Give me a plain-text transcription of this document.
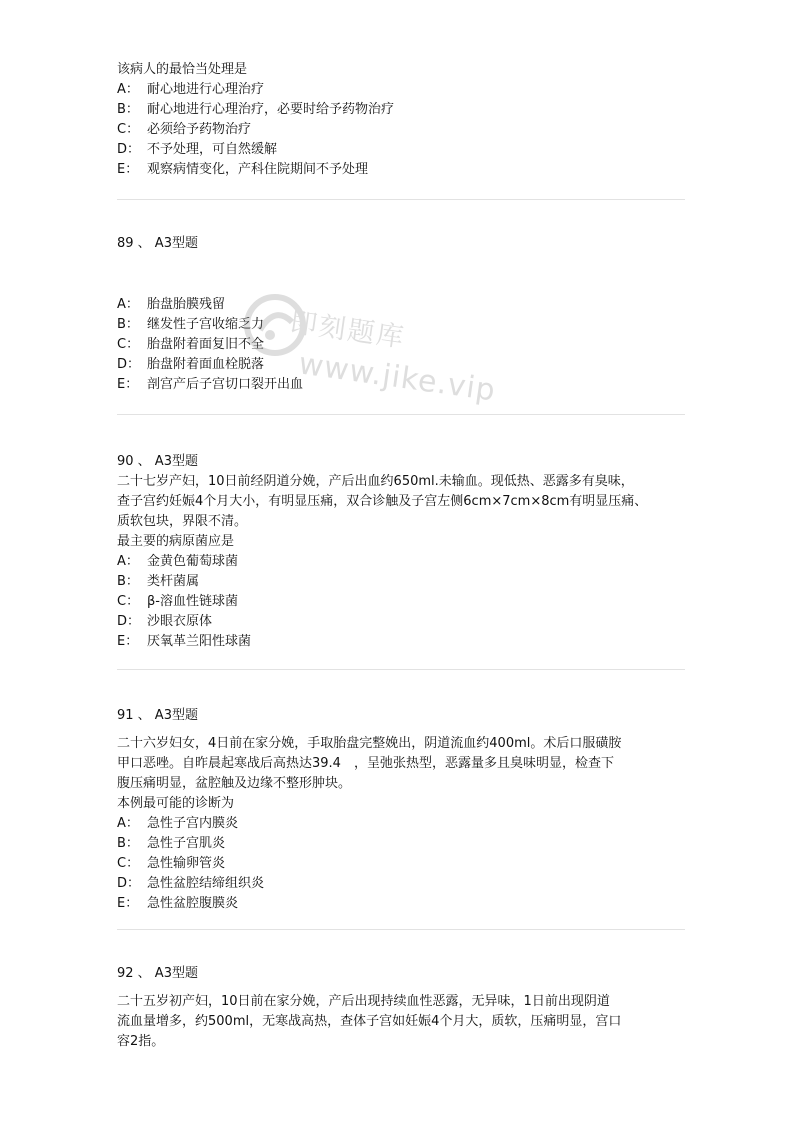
该病人的最恰当处理是
A： 耐心地进行心理治疗
B： 耐心地进行心理治疗，必要时给予药物治疗
C： 必须给予药物治疗
D： 不予处理，可自然缓解
E： 观察病情变化，产科住院期间不予处理
89 、 A3型题
A： 胎盘胎膜残留
B： 继发性子宫收缩乏力
C： 胎盘附着面复旧不全
D： 胎盘附着面血栓脱落
E： 剖宫产后子宫切口裂开出血
90 、 A3型题
二十七岁产妇，10日前经阴道分娩，产后出血约650ml.未输血。现低热、恶露多有臭味，
查子宫约妊娠4个月大小，有明显压痛，双合诊触及子宫左侧6cm×7cm×8cm有明显压痛、
质软包块，界限不清。
最主要的病原菌应是
A： 金黄色葡萄球菌
B： 类杆菌属
C： β-溶血性链球菌
D： 沙眼衣原体
E： 厌氧革兰阳性球菌
91 、 A3型题
二十六岁妇女，4日前在家分娩，手取胎盘完整娩出，阴道流血约400ml。术后口服磺胺
甲口恶唑。自昨晨起寒战后高热达39.4　，呈弛张热型，恶露量多且臭味明显，检查下
腹压痛明显，盆腔触及边缘不整形肿块。
本例最可能的诊断为
A： 急性子宫内膜炎
B： 急性子宫肌炎
C： 急性输卵管炎
D： 急性盆腔结缔组织炎
E： 急性盆腔腹膜炎
92 、 A3型题
二十五岁初产妇，10日前在家分娩，产后出现持续血性恶露，无异味，1日前出现阴道
流血量增多，约500ml，无寒战高热，查体子宫如妊娠4个月大，质软，压痛明显，宫口
容2指。
即刻题库
www.jike.vip
